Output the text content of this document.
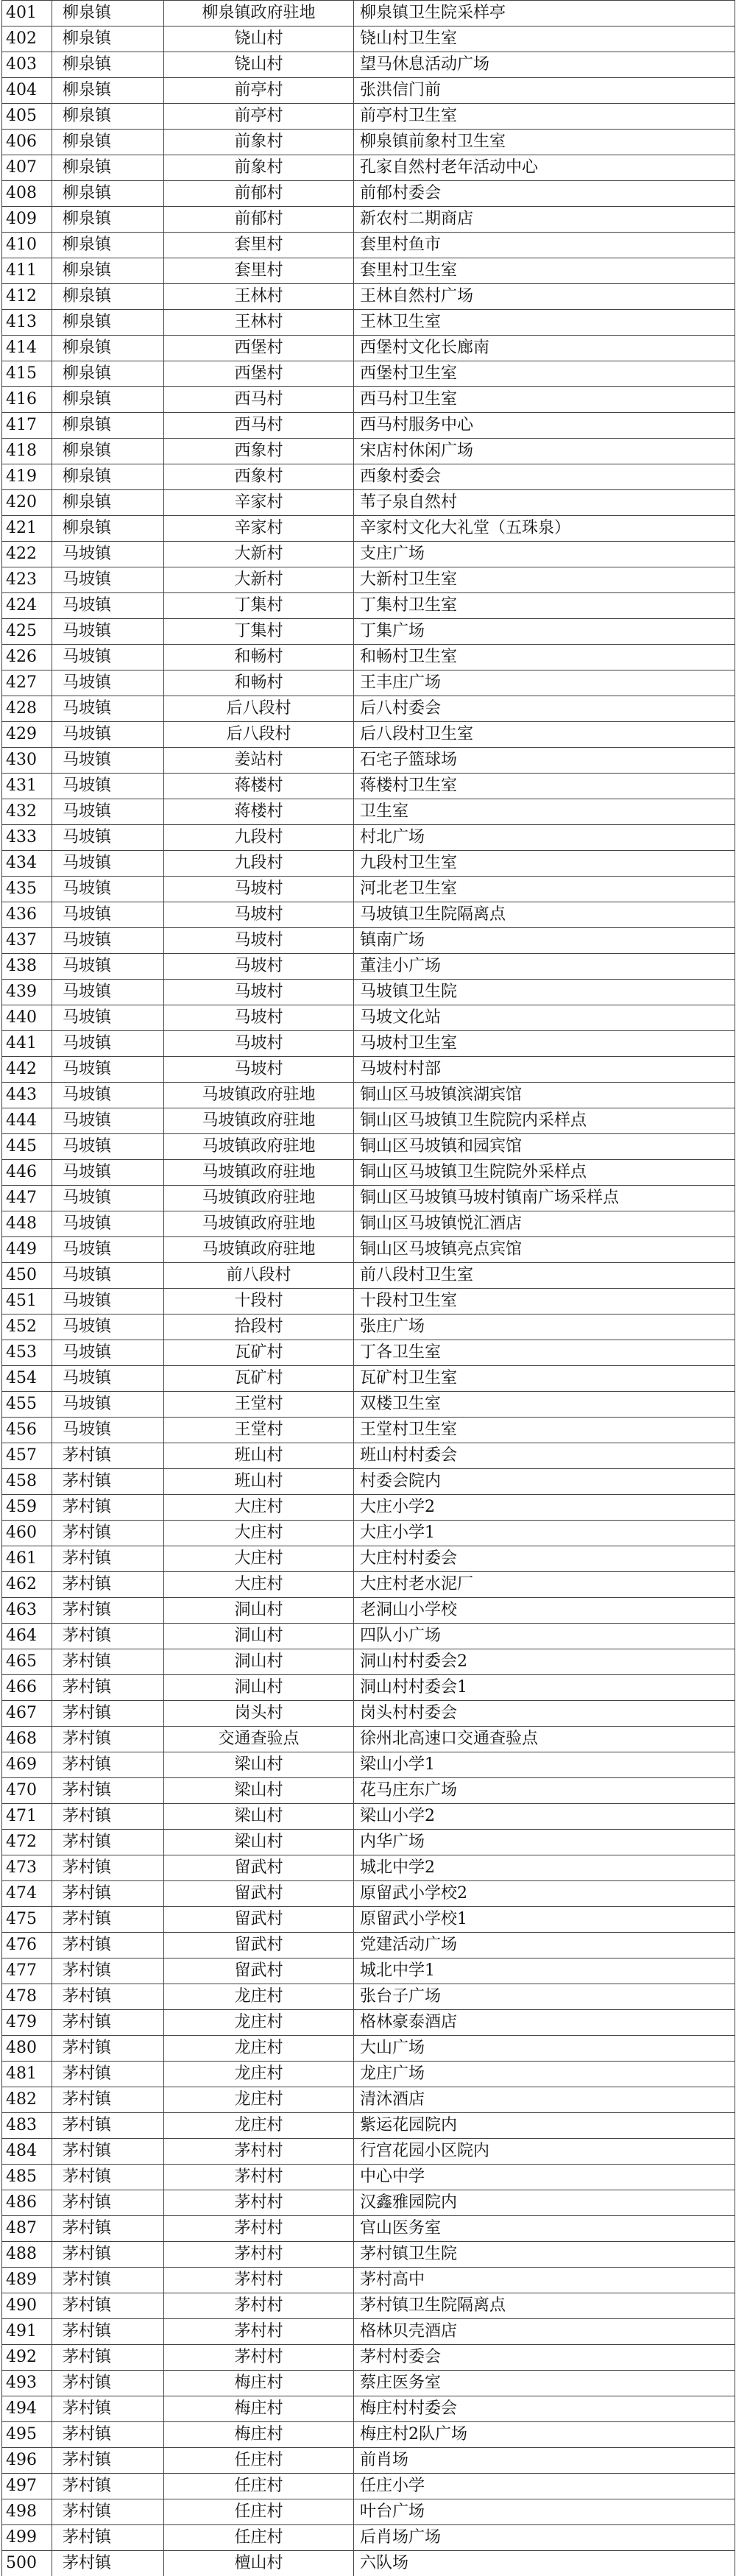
401	柳泉镇	柳泉镇政府驻地	柳泉镇卫生院采样亭
402	柳泉镇	铙山村	铙山村卫生室
403	柳泉镇	铙山村	望马休息活动广场
404	柳泉镇	前亭村	张洪信门前
405	柳泉镇	前亭村	前亭村卫生室
406	柳泉镇	前象村	柳泉镇前象村卫生室
407	柳泉镇	前象村	孔家自然村老年活动中心
408	柳泉镇	前郁村	前郁村委会
409	柳泉镇	前郁村	新农村二期商店
410	柳泉镇	套里村	套里村鱼市
411	柳泉镇	套里村	套里村卫生室
412	柳泉镇	王林村	王林自然村广场
413	柳泉镇	王林村	王林卫生室
414	柳泉镇	西堡村	西堡村文化长廊南
415	柳泉镇	西堡村	西堡村卫生室
416	柳泉镇	西马村	西马村卫生室
417	柳泉镇	西马村	西马村服务中心
418	柳泉镇	西象村	宋店村休闲广场
419	柳泉镇	西象村	西象村委会
420	柳泉镇	辛家村	苇子泉自然村
421	柳泉镇	辛家村	辛家村文化大礼堂（五珠泉）
422	马坡镇	大新村	支庄广场
423	马坡镇	大新村	大新村卫生室
424	马坡镇	丁集村	丁集村卫生室
425	马坡镇	丁集村	丁集广场
426	马坡镇	和畅村	和畅村卫生室
427	马坡镇	和畅村	王丰庄广场
428	马坡镇	后八段村	后八村委会
429	马坡镇	后八段村	后八段村卫生室
430	马坡镇	姜站村	石宅子篮球场
431	马坡镇	蒋楼村	蒋楼村卫生室
432	马坡镇	蒋楼村	卫生室
433	马坡镇	九段村	村北广场
434	马坡镇	九段村	九段村卫生室
435	马坡镇	马坡村	河北老卫生室
436	马坡镇	马坡村	马坡镇卫生院隔离点
437	马坡镇	马坡村	镇南广场
438	马坡镇	马坡村	董洼小广场
439	马坡镇	马坡村	马坡镇卫生院
440	马坡镇	马坡村	马坡文化站
441	马坡镇	马坡村	马坡村卫生室
442	马坡镇	马坡村	马坡村村部
443	马坡镇	马坡镇政府驻地	铜山区马坡镇滨湖宾馆
444	马坡镇	马坡镇政府驻地	铜山区马坡镇卫生院院内采样点
445	马坡镇	马坡镇政府驻地	铜山区马坡镇和园宾馆
446	马坡镇	马坡镇政府驻地	铜山区马坡镇卫生院院外采样点
447	马坡镇	马坡镇政府驻地	铜山区马坡镇马坡村镇南广场采样点
448	马坡镇	马坡镇政府驻地	铜山区马坡镇悦汇酒店
449	马坡镇	马坡镇政府驻地	铜山区马坡镇亮点宾馆
450	马坡镇	前八段村	前八段村卫生室
451	马坡镇	十段村	十段村卫生室
452	马坡镇	拾段村	张庄广场
453	马坡镇	瓦矿村	丁各卫生室
454	马坡镇	瓦矿村	瓦矿村卫生室
455	马坡镇	王堂村	双楼卫生室
456	马坡镇	王堂村	王堂村卫生室
457	茅村镇	班山村	班山村村委会
458	茅村镇	班山村	村委会院内
459	茅村镇	大庄村	大庄小学2
460	茅村镇	大庄村	大庄小学1
461	茅村镇	大庄村	大庄村村委会
462	茅村镇	大庄村	大庄村老水泥厂
463	茅村镇	洞山村	老洞山小学校
464	茅村镇	洞山村	四队小广场
465	茅村镇	洞山村	洞山村村委会2
466	茅村镇	洞山村	洞山村村委会1
467	茅村镇	岗头村	岗头村村委会
468	茅村镇	交通查验点	徐州北高速口交通查验点
469	茅村镇	梁山村	梁山小学1
470	茅村镇	梁山村	花马庄东广场
471	茅村镇	梁山村	梁山小学2
472	茅村镇	梁山村	内华广场
473	茅村镇	留武村	城北中学2
474	茅村镇	留武村	原留武小学校2
475	茅村镇	留武村	原留武小学校1
476	茅村镇	留武村	党建活动广场
477	茅村镇	留武村	城北中学1
478	茅村镇	龙庄村	张台子广场
479	茅村镇	龙庄村	格林豪泰酒店
480	茅村镇	龙庄村	大山广场
481	茅村镇	龙庄村	龙庄广场
482	茅村镇	龙庄村	清沐酒店
483	茅村镇	龙庄村	紫运花园院内
484	茅村镇	茅村村	行宫花园小区院内
485	茅村镇	茅村村	中心中学
486	茅村镇	茅村村	汉鑫雅园院内
487	茅村镇	茅村村	官山医务室
488	茅村镇	茅村村	茅村镇卫生院
489	茅村镇	茅村村	茅村高中
490	茅村镇	茅村村	茅村镇卫生院隔离点
491	茅村镇	茅村村	格林贝壳酒店
492	茅村镇	茅村村	茅村村委会
493	茅村镇	梅庄村	蔡庄医务室
494	茅村镇	梅庄村	梅庄村村委会
495	茅村镇	梅庄村	梅庄村2队广场
496	茅村镇	任庄村	前肖场
497	茅村镇	任庄村	任庄小学
498	茅村镇	任庄村	叶台广场
499	茅村镇	任庄村	后肖场广场
500	茅村镇	檀山村	六队场
